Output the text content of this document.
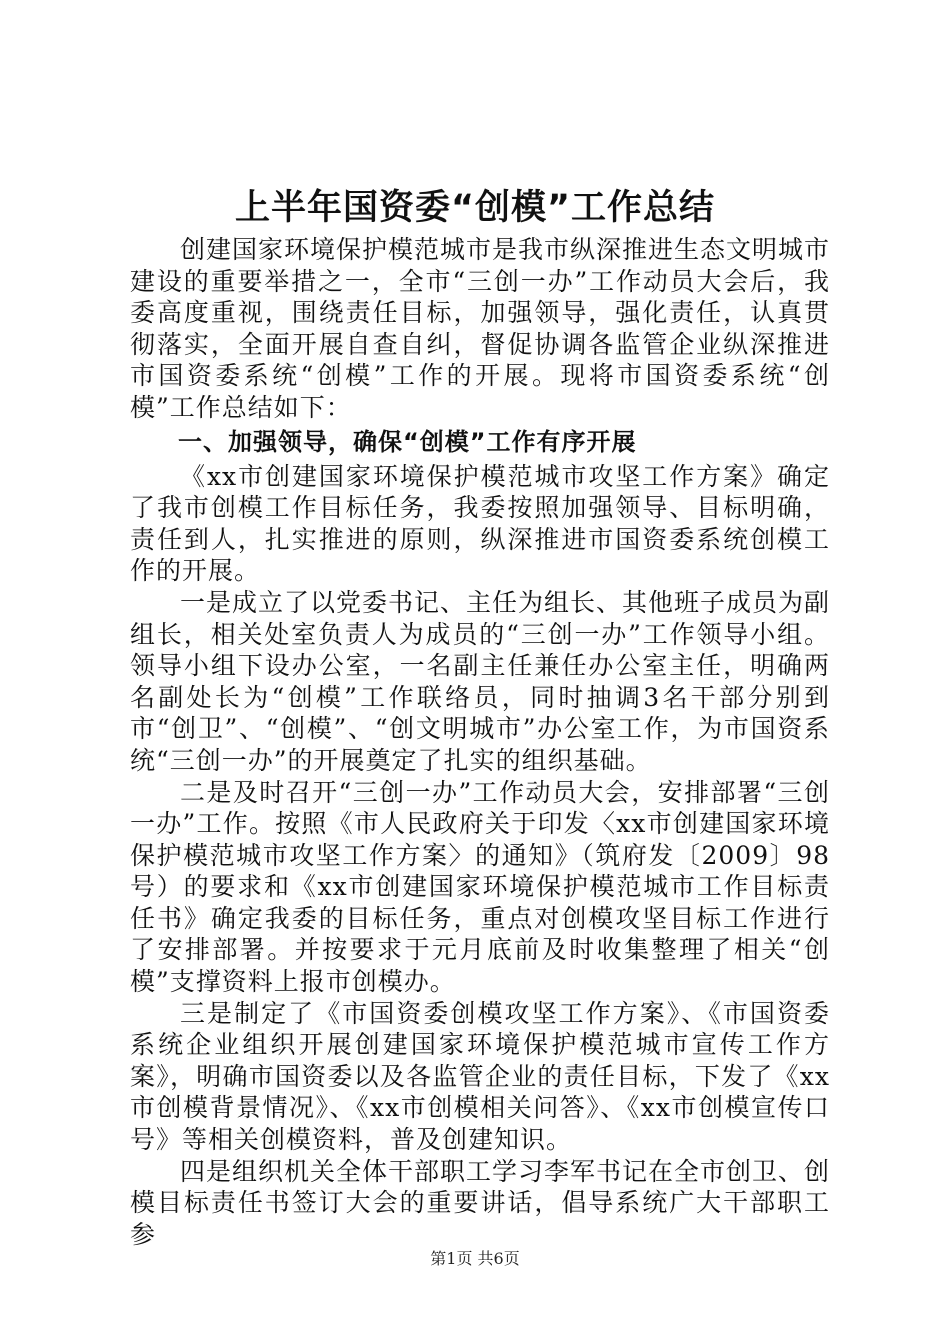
上半年国资委“创模”工作总结

创建国家环境保护模范城市是我市纵深推进生态文明城市建设的重要举措之一，全市“三创一办”工作动员大会后，我委高度重视，围绕责任目标，加强领导，强化责任，认真贯彻落实，全面开展自查自纠，督促协调各监管企业纵深推进市国资委系统“创模”工作的开展。现将市国资委系统“创模”工作总结如下：

一、加强领导，确保“创模”工作有序开展

《xx市创建国家环境保护模范城市攻坚工作方案》确定了我市创模工作目标任务，我委按照加强领导、目标明确，责任到人，扎实推进的原则，纵深推进市国资委系统创模工作的开展。

一是成立了以党委书记、主任为组长、其他班子成员为副组长，相关处室负责人为成员的“三创一办”工作领导小组。领导小组下设办公室，一名副主任兼任办公室主任，明确两名副处长为“创模”工作联络员，同时抽调3名干部分别到市“创卫”、“创模”、“创文明城市”办公室工作，为市国资系统“三创一办”的开展奠定了扎实的组织基础。

二是及时召开“三创一办”工作动员大会，安排部署“三创一办”工作。按照《市人民政府关于印发〈xx市创建国家环境保护模范城市攻坚工作方案〉的通知》（筑府发〔2009〕98号）的要求和《xx市创建国家环境保护模范城市工作目标责任书》确定我委的目标任务，重点对创模攻坚目标工作进行了安排部署。并按要求于元月底前及时收集整理了相关“创模”支撑资料上报市创模办。

三是制定了《市国资委创模攻坚工作方案》、《市国资委系统企业组织开展创建国家环境保护模范城市宣传工作方案》，明确市国资委以及各监管企业的责任目标，下发了《xx市创模背景情况》、《xx市创模相关问答》、《xx市创模宣传口号》等相关创模资料，普及创建知识。

四是组织机关全体干部职工学习李军书记在全市创卫、创模目标责任书签订大会的重要讲话，倡导系统广大干部职工参

第1页 共6页
